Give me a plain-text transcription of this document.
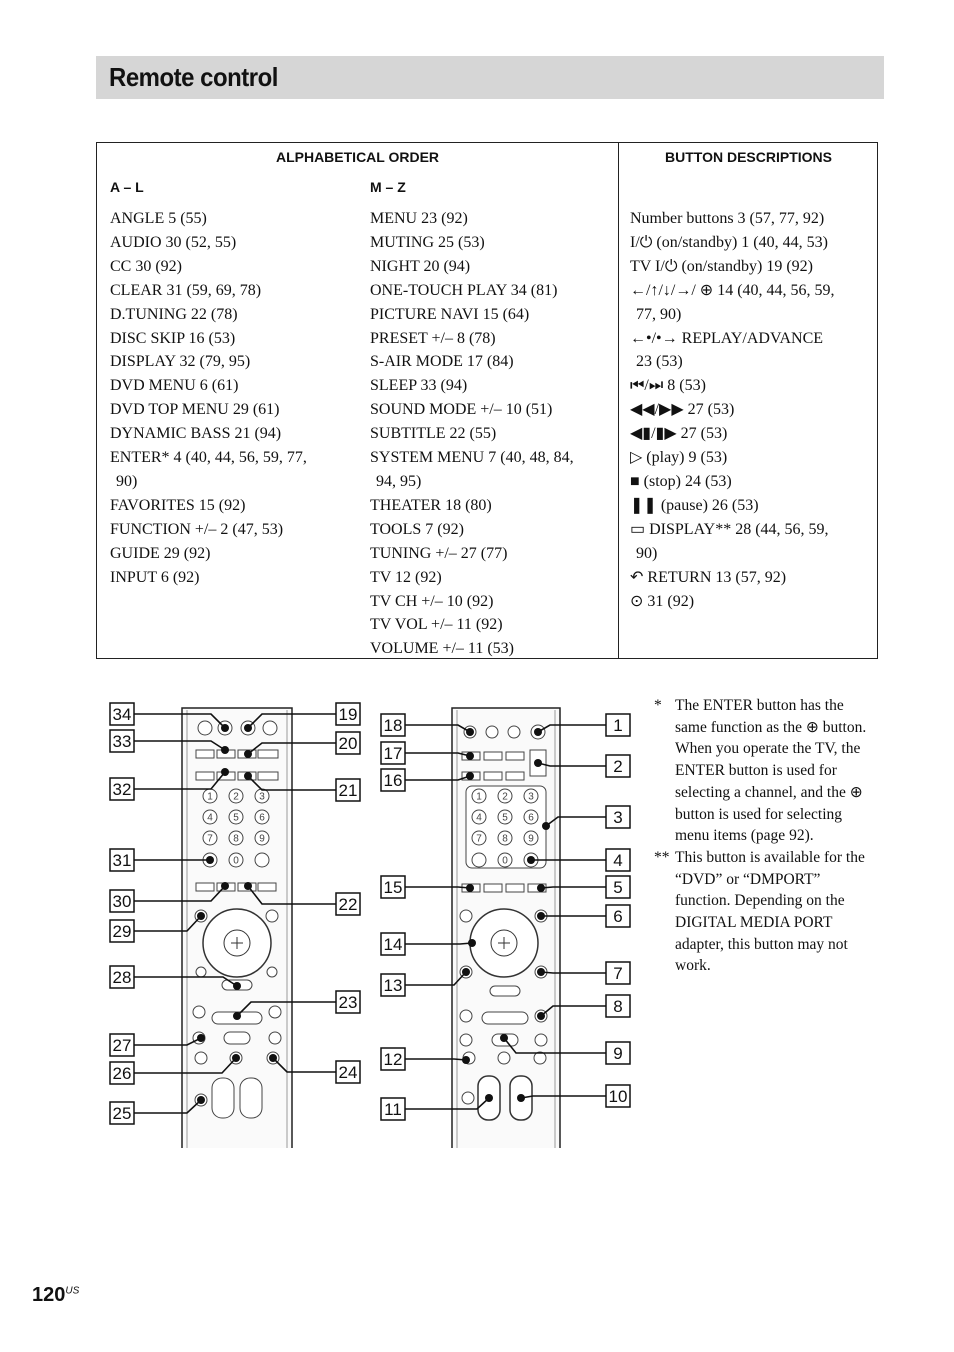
Remote control
ALPHABETICAL ORDER	BUTTON DESCRIPTIONS
A – L	M – Z
ANGLE 5 (55)
AUDIO 30 (52, 55)
CC 30 (92)
CLEAR 31 (59, 69, 78)
D.TUNING 22 (78)
DISC SKIP 16 (53)
DISPLAY 32 (79, 95)
DVD MENU 6 (61)
DVD TOP MENU 29 (61)
DYNAMIC BASS 21 (94)
ENTER* 4 (40, 44, 56, 59, 77,
90)
FAVORITES 15 (92)
FUNCTION +/– 2 (47, 53)
GUIDE 29 (92)
INPUT 6 (92)
MENU 23 (92)
MUTING 25 (53)
NIGHT 20 (94)
ONE-TOUCH PLAY 34 (81)
PICTURE NAVI 15 (64)
PRESET +/– 8 (78)
S-AIR MODE 17 (84)
SLEEP 33 (94)
SOUND MODE +/– 10 (51)
SUBTITLE 22 (55)
SYSTEM MENU 7 (40, 48, 84,
94, 95)
THEATER 18 (80)
TOOLS 7 (92)
TUNING +/– 27 (77)
TV 12 (92)
TV CH +/– 10 (92)
TV VOL +/– 11 (92)
VOLUME +/– 11 (53)
Number buttons 3 (57, 77, 92)
I/⏻ (on/standby) 1 (40, 44, 53)
TV I/⏻ (on/standby) 19 (92)
←/↑/↓/→/ ⊕ 14 (40, 44, 56, 59,
77, 90)
←•/•→ REPLAY/ADVANCE
23 (53)
⏮/⏭ 8 (53)
◀◀/▶▶ 27 (53)
◀▮/▮▶ 27 (53)
▷ (play) 9 (53)
■ (stop) 24 (53)
❚❚ (pause) 26 (53)
▭ DISPLAY** 28 (44, 56, 59,
90)
↶ RETURN 13 (57, 92)
⊙ 31 (92)
1 2 3
4 5 6
7 8 9
0
34
33
32
31
30
29
28
27
26
25
19
20
21
22
23
24
1 2 3
4 5 6
7 8 9
0
18
17
16
15
14
13
12
11
1
2
3
4
5
6
7
8
9
10
* The ENTER button has the same function as the ⊕ button. When you operate the TV, the ENTER button is used for selecting a channel, and the ⊕ button is used for selecting menu items (page 92).
** This button is available for the “DVD” or “DMPORT” function. Depending on the DIGITAL MEDIA PORT adapter, this button may not work.
$120^{US}$
